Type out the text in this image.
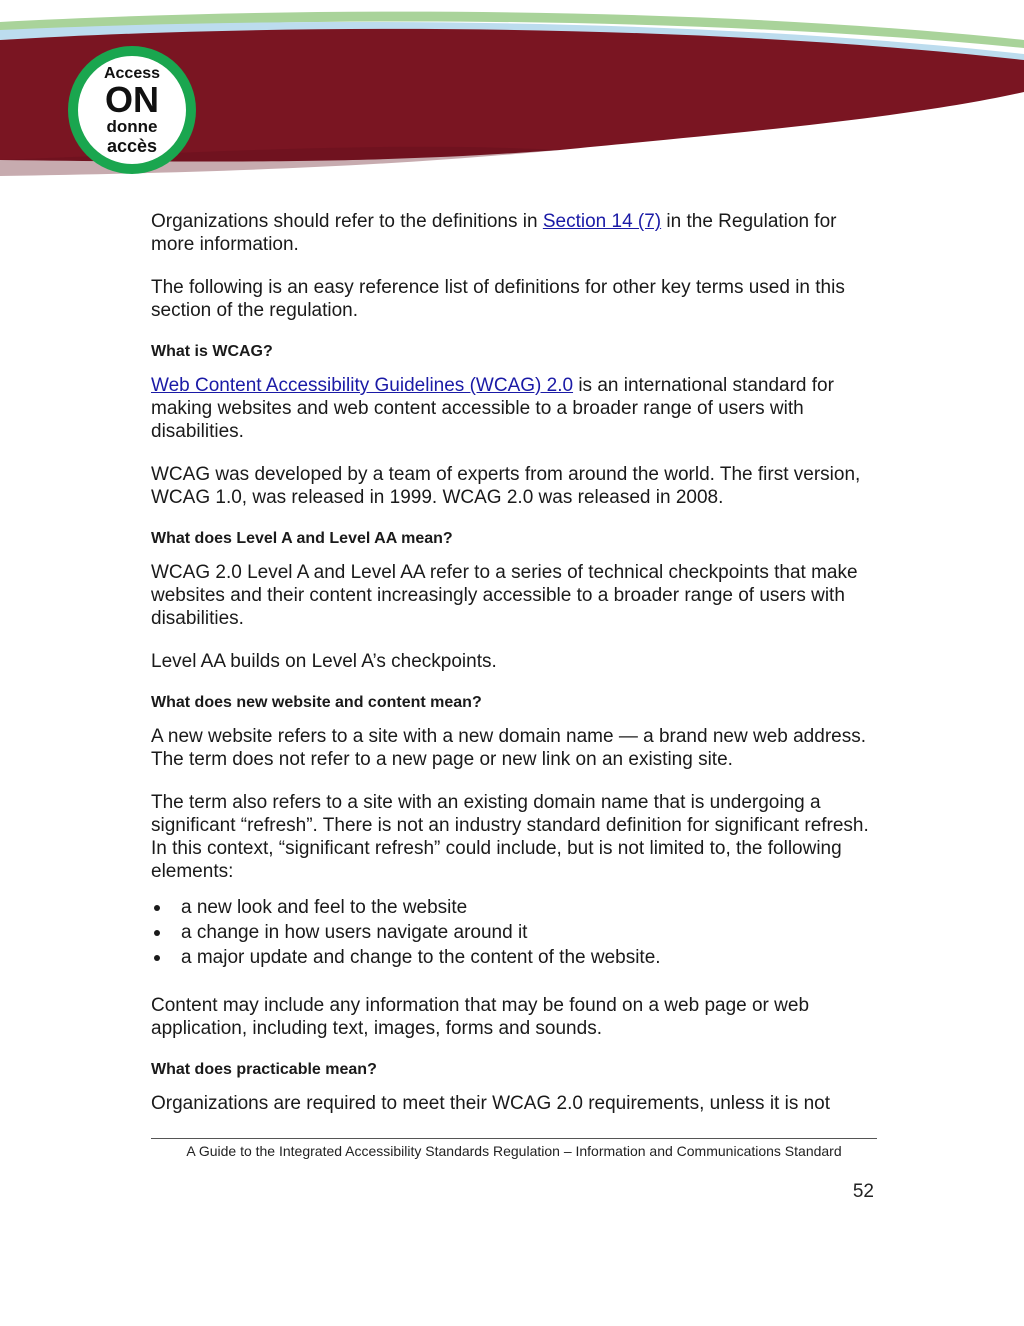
Access
ON
donne
accès

Organizations should refer to the definitions in Section 14 (7) in the Regulation for more information.

The following is an easy reference list of definitions for other key terms used in this section of the regulation.

What is WCAG?

Web Content Accessibility Guidelines (WCAG) 2.0 is an international standard for making websites and web content accessible to a broader range of users with disabilities.

WCAG was developed by a team of experts from around the world. The first version, WCAG 1.0, was released in 1999. WCAG 2.0 was released in 2008.

What does Level A and Level AA mean?

WCAG 2.0 Level A and Level AA refer to a series of technical checkpoints that make websites and their content increasingly accessible to a broader range of users with disabilities.

Level AA builds on Level A’s checkpoints.

What does new website and content mean?

A new website refers to a site with a new domain name — a brand new web address. The term does not refer to a new page or new link on an existing site.

The term also refers to a site with an existing domain name that is undergoing a significant “refresh”. There is not an industry standard definition for significant refresh. In this context, “significant refresh” could include, but is not limited to, the following elements:

a new look and feel to the website
a change in how users navigate around it
a major update and change to the content of the website.

Content may include any information that may be found on a web page or web application, including text, images, forms and sounds.

What does practicable mean?

Organizations are required to meet their WCAG 2.0 requirements, unless it is not

A Guide to the Integrated Accessibility Standards Regulation – Information and Communications Standard
52
